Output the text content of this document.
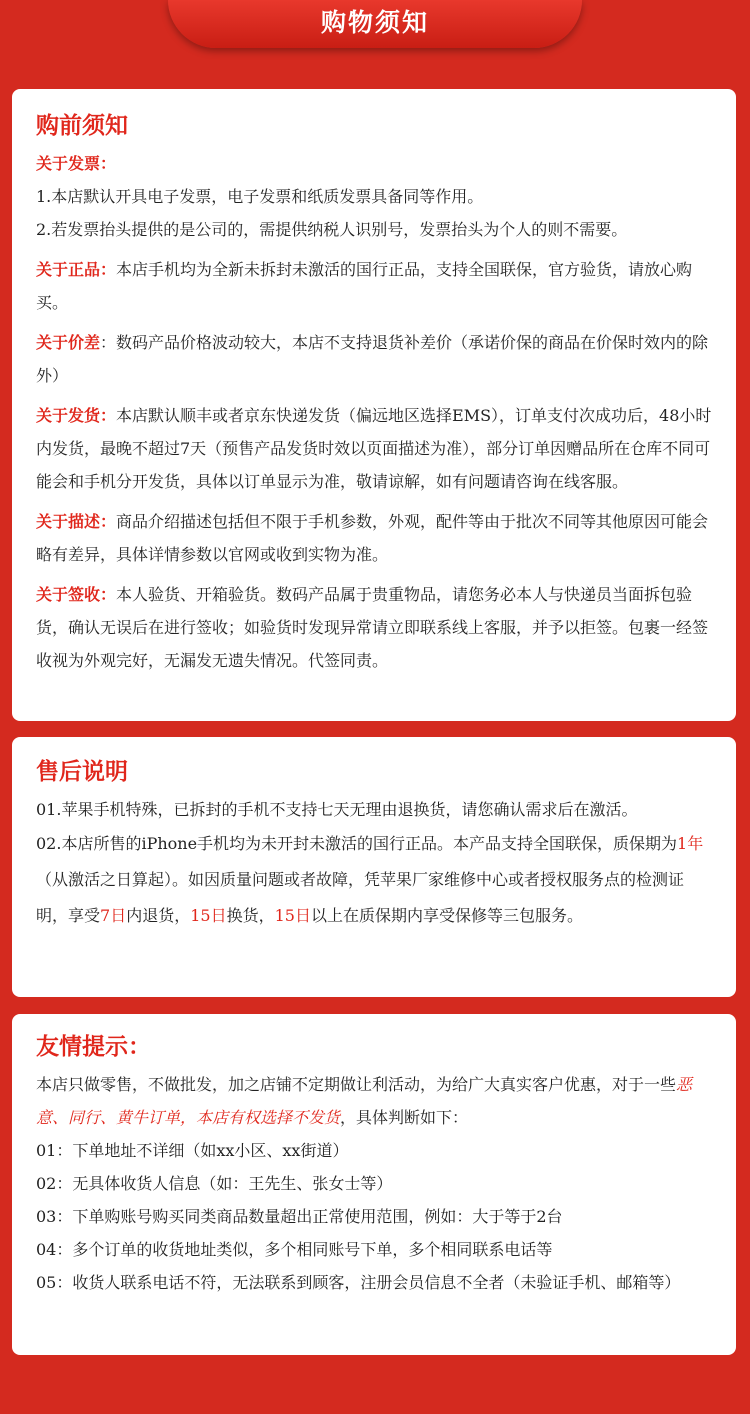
购物须知
购前须知
关于发票：
1.本店默认开具电子发票，电子发票和纸质发票具备同等作用。
2.若发票抬头提供的是公司的，需提供纳税人识别号，发票抬头为个人的则不需要。
关于正品：本店手机均为全新未拆封未激活的国行正品，支持全国联保，官方验货，请放心购买。
关于价差：数码产品价格波动较大，本店不支持退货补差价（承诺价保的商品在价保时效内的除外）
关于发货：本店默认顺丰或者京东快递发货（偏远地区选择EMS），订单支付次成功后，48小时内发货，最晚不超过7天（预售产品发货时效以页面描述为准），部分订单因赠品所在仓库不同可能会和手机分开发货，具体以订单显示为准，敬请谅解，如有问题请咨询在线客服。
关于描述：商品介绍描述包括但不限于手机参数，外观，配件等由于批次不同等其他原因可能会略有差异，具体详情参数以官网或收到实物为准。
关于签收：本人验货、开箱验货。数码产品属于贵重物品，请您务必本人与快递员当面拆包验货，确认无误后在进行签收；如验货时发现异常请立即联系线上客服，并予以拒签。包裹一经签收视为外观完好，无漏发无遗失情况。代签同责。
售后说明
01.苹果手机特殊，已拆封的手机不支持七天无理由退换货，请您确认需求后在激活。
02.本店所售的iPhone手机均为未开封未激活的国行正品。本产品支持全国联保，质保期为1年（从激活之日算起）。如因质量问题或者故障，凭苹果厂家维修中心或者授权服务点的检测证明，享受7日内退货，15日换货，15日以上在质保期内享受保修等三包服务。
友情提示：
本店只做零售，不做批发，加之店铺不定期做让利活动，为给广大真实客户优惠，对于一些恶意、同行、黄牛订单，本店有权选择不发货，具体判断如下：
01：下单地址不详细（如xx小区、xx街道）
02：无具体收货人信息（如：王先生、张女士等）
03：下单购账号购买同类商品数量超出正常使用范围，例如：大于等于2台
04：多个订单的收货地址类似，多个相同账号下单，多个相同联系电话等
05：收货人联系电话不符，无法联系到顾客，注册会员信息不全者（未验证手机、邮箱等）
